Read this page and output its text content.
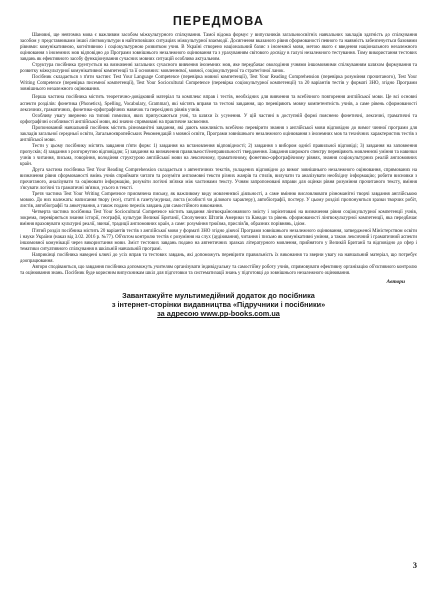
ПЕРЕДМОВА

Шановні, ще невтомна мова є важливим засобом міжкультурного спілкування. Тамої відома формує у випускників загальноосвітніх навчальних закладів здатність до спілкування засобом у представниками іншої лінгвокультури в найтиповіших ситуаціях міжкультурної взаємодії. Досягнення вказаного рівня сформованості певного та наявність забезпечується базовими рівнями: комунікативною, когнітивною і соціокультурною розвитком учня. В Україні створено національний базис з іноземної мови, метою якого є введення національного незалежного оцінювання з іноземних мов відповідно до Програми зовнішнього незалежного оцінювання та з урахуванням світового досвіду в галузі незалежного тестування. Тому використання тестових завдань як ефективного засобу функціонування сучасних мовних ситуацій особливо актуальним.

Структура посібника ґрунтується на визначенні загальних сучасного вивчення іноземних мов, яке передбачає оволодіння учнями іншомовними спілкуванням шляхом формування та розвитку міжкультурної комунікативної компетенції та її основних: мовленнєвої, мовної, соціокультурної та стратегічної ланок.

Посібник складається з п'яти частин: Test Your Language Competence (перевірка мовної компетенції), Test Your Reading Comprehension (перевірка розуміння прочитаного), Test Your Writing Competence (перевірка писемної компетенції), Test Your Sociocultural Competence (перевірка соціокультурної компетенції) та 20 варіантів тестів у форматі ЗНО, згідно Програми зовнішнього незалежного оцінювання.

Перша частина посібника містить теоретично-довідковий матеріал та комплекс вправ і тестів, необхідних для вивчення та всебічного повторення англійської мови. Це всі основні аспекти розділів: фонетика (Phonetics), Spelling, Vocabulary, Grammar), які містять вправи та тестові завдання, що перевіряють мовну компетентність учнів, а саме рівень сформованості лексичних, граматичних, фонетико-орфографічних навичок та перехідних рівнів учнів.

Особливу увагу звернено на типові помилки, яких припускаються учні, та шляхи їх усунення. У цій частині в доступній формі пояснено фонетичні, лексичні, граматичні та орфографічні особливості англійської мови, які значно спрямовані на практичне засвоєння.

Пропонований навчальний посібник містить різноманітні завдання, які дають можливість всебічно перевірити знання з англійської мови відповідно до вимог чинної програми для закладів загальної середньої освіти, Загальноєвропейських Рекомендацій з мовної освіти, Програми зовнішнього незалежного оцінювання з іноземних мов та технічних характеристик тестів з англійської мови.

Тести у цьому посібнику містять завдання п'яти форм: 1) завдання на встановлення відповідності; 2) завдання з вибором однієї правильної відповіді; 3) завдання на заповнення пропусків; 4) завдання з розгорнутою відповіддю; 5) завдання на визначення правильності/неправильності твердження. Завдання широкого спектру перевіряють мовленнєві уміння та навички учнів з читання, письма, говоріння, володіння структурою англійської мови на лексичному, граматичному, фонетико-орфографічному рівнях, знання соціокультурних реалій англомовних країн.

Друга частина посібника Test Your Reading Comprehension складається з автентичних текстів, укладених відповідно до вимог зовнішнього незалежного оцінювання, спрямованих на визначення рівня сформованості вмінь учнів сприймати читати та розуміти англомовні тексти різних жанрів та стилів, вилучати та аналізувати необхідну інформацію; робити висновки з прочитаного, аналізувати та оцінювати інформацію, розуміти логічні зв'язки між частинами тексту. Учням запропоновані вправи для оцінки рівня розуміння прочитаного тексту, вміння з'ясувати логічні та граматичні зв'язки, усього в тексті.

Третя частина Test Your Writing Competence присвячена письму, як важливому виду мовленнєвої діяльності, а саме вмінню висловлювати різноманітні творчі завдання англійською мовою. До них належать: написання твору (есе), статті в газету/журнал, листа (особисті чи ділового характеру), автобіографії, постеру. У цьому розділі пропонуються зразки творчих робіт, листів, автобіографії та анкетування, а також подано перелік завдань для самостійного виконання.

Четверта частина посібника Test Your Sociocultural Competence містить завдання лінгвокраїнознавчого змісту і зорієнтовані на визначення рівня соціокультурної компетенції учнів, зокрема, перевіряється знання історії, географії, культури Великої Британії, Сполучених Штатів Америки та Канади та рівень сформованості лінгвокультурної компетенції, яка передбачає вміння враховувати культурні реалії, звичаї, традиції англомовних країн, а саме: розуміння трюїзма, прислів'їв, образних порівнянь, ідіом.

П'ятий розділ посібника містить 20 варіантів тестів з англійської мови у форматі ЗНО згідно діючої Програми зовнішнього незалежного оцінювання, затвердженої Міністерством освіти і науки України (наказ від 3.02. 2016 р. №77). Об'єктом контролю тестів є розуміння на слух (аудіювання), читання і письмо як комунікативні уміння, а також лексичний і граматичний аспекти іншомовної комунікації через використання мови. Зміст тестових завдань подано на автентичних зразках літературного мовлення, прийнятого у Великій Британії та відповідно до сфер і тематики ситуативного спілкування в шкільній навчальній програмі.

Наприкінці посібника наведені ключі до усіх вправ та тестових завдань, які допоможуть перевірити правильність їх виконання та зверни увагу на навчальний матеріал, що потребує доопрацювання.

Автори сподіваються, що завдання посібника допоможуть учителям організувати індивідуальну та самостійну роботу учнів, спрямовувати ефективну організацію об'єктивного контролю та оцінювання знань. Посібник буде корисним випускникам шкіл для підготовки та систематизації знань у підготовці до зовнішнього незалежного оцінювання.

Автори
Завантажуйте мультимедійний додаток до посібника
з інтернет-сторінки видавництва «Підручники і посібники»
за адресою www.pp-books.com.ua
3
